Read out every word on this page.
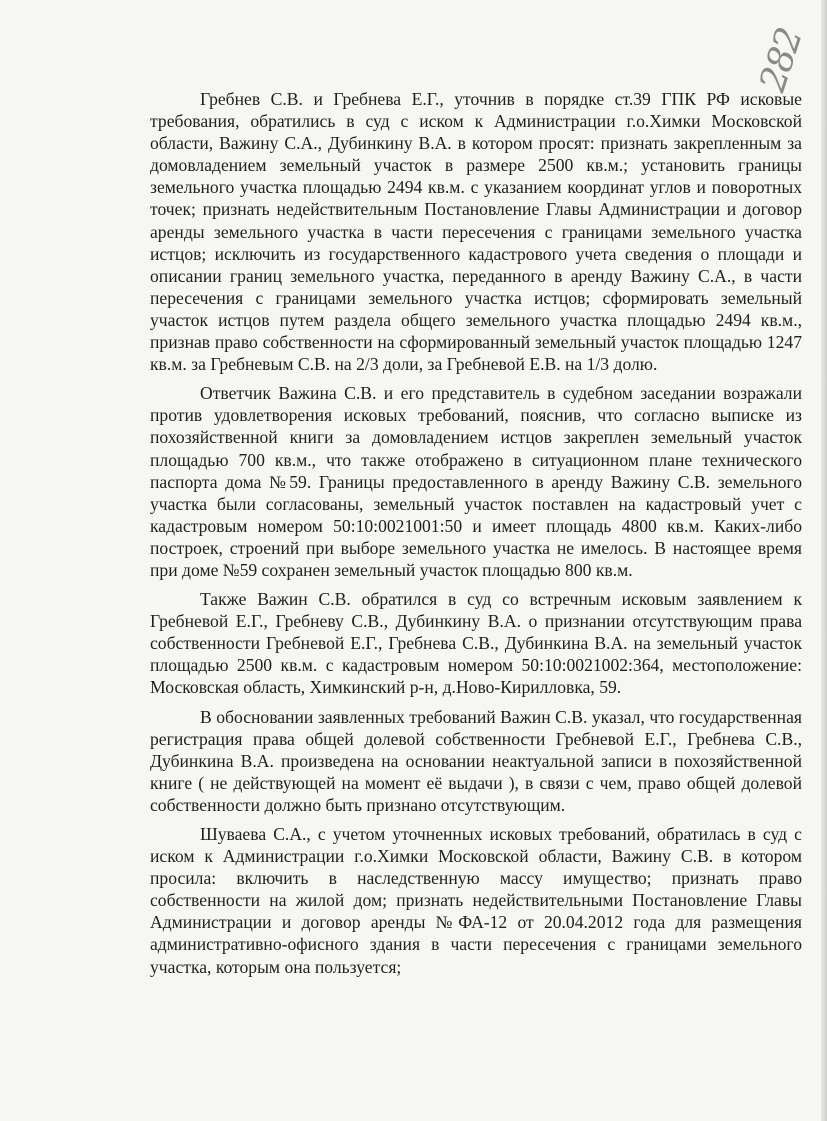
282

Гребнев С.В. и Гребнева Е.Г., уточнив в порядке ст.39 ГПК РФ исковые требования, обратились в суд с иском к Администрации г.о.Химки Московской области, Важину С.А., Дубинкину В.А. в котором просят: признать закрепленным за домовладением земельный участок в размере 2500 кв.м.; установить границы земельного участка площадью 2494 кв.м. с указанием координат углов и поворотных точек; признать недействительным Постановление Главы Администрации и договор аренды земельного участка в части пересечения с границами земельного участка истцов; исключить из государственного кадастрового учета сведения о площади и описании границ земельного участка, переданного в аренду Важину С.А., в части пересечения с границами земельного участка истцов; сформировать земельный участок истцов путем раздела общего земельного участка площадью 2494 кв.м., признав право собственности на сформированный земельный участок площадью 1247 кв.м. за Гребневым С.В. на 2/3 доли, за Гребневой Е.В. на 1/3 долю.

Ответчик Важина С.В. и его представитель в судебном заседании возражали против удовлетворения исковых требований, пояснив, что согласно выписке из похозяйственной книги за домовладением истцов закреплен земельный участок площадью 700 кв.м., что также отображено в ситуационном плане технического паспорта дома №59. Границы предоставленного в аренду Важину С.В. земельного участка были согласованы, земельный участок поставлен на кадастровый учет с кадастровым номером 50:10:0021001:50 и имеет площадь 4800 кв.м. Каких-либо построек, строений при выборе земельного участка не имелось. В настоящее время при доме №59 сохранен земельный участок площадью 800 кв.м.

Также Важин С.В. обратился в суд со встречным исковым заявлением к Гребневой Е.Г., Гребневу С.В., Дубинкину В.А. о признании отсутствующим права собственности Гребневой Е.Г., Гребнева С.В., Дубинкина В.А. на земельный участок площадью 2500 кв.м. с кадастровым номером 50:10:0021002:364, местоположение: Московская область, Химкинский р-н, д.Ново-Кирилловка, 59.

В обосновании заявленных требований Важин С.В. указал, что государственная регистрация права общей долевой собственности Гребневой Е.Г., Гребнева С.В., Дубинкина В.А. произведена на основании неактуальной записи в похозяйственной книге ( не действующей на момент её выдачи ), в связи с чем, право общей долевой собственности должно быть признано отсутствующим.

Шуваева С.А., с учетом уточненных исковых требований, обратилась в суд с иском к Администрации г.о.Химки Московской области, Важину С.В. в котором просила: включить в наследственную массу имущество; признать право собственности на жилой дом; признать недействительными Постановление Главы Администрации и договор аренды №ФА-12 от 20.04.2012 года для размещения административно-офисного здания в части пересечения с границами земельного участка, которым она пользуется;
